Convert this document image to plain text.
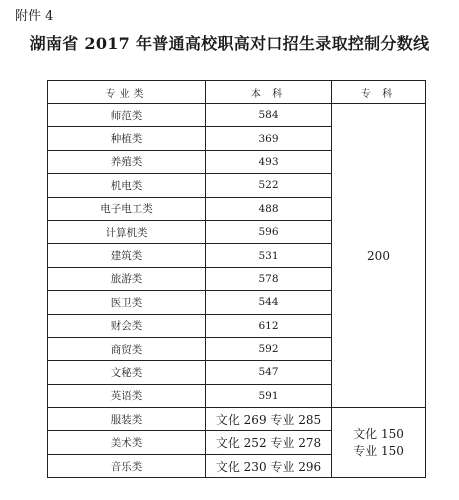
附件 4
湖南省 2017 年普通高校职高对口招生录取控制分数线
专业类	本 科	专 科
师范类	584	200
种植类	369	
养殖类	493	
机电类	522	
电子电工类	488	
计算机类	596	
建筑类	531	
旅游类	578	
医卫类	544	
财会类	612	
商贸类	592	
文秘类	547	
英语类	591	
服装类	文化 269 专业 285	文化 150
专业 150

美术类	文化 252 专业 278	
音乐类	文化 230 专业 296	
